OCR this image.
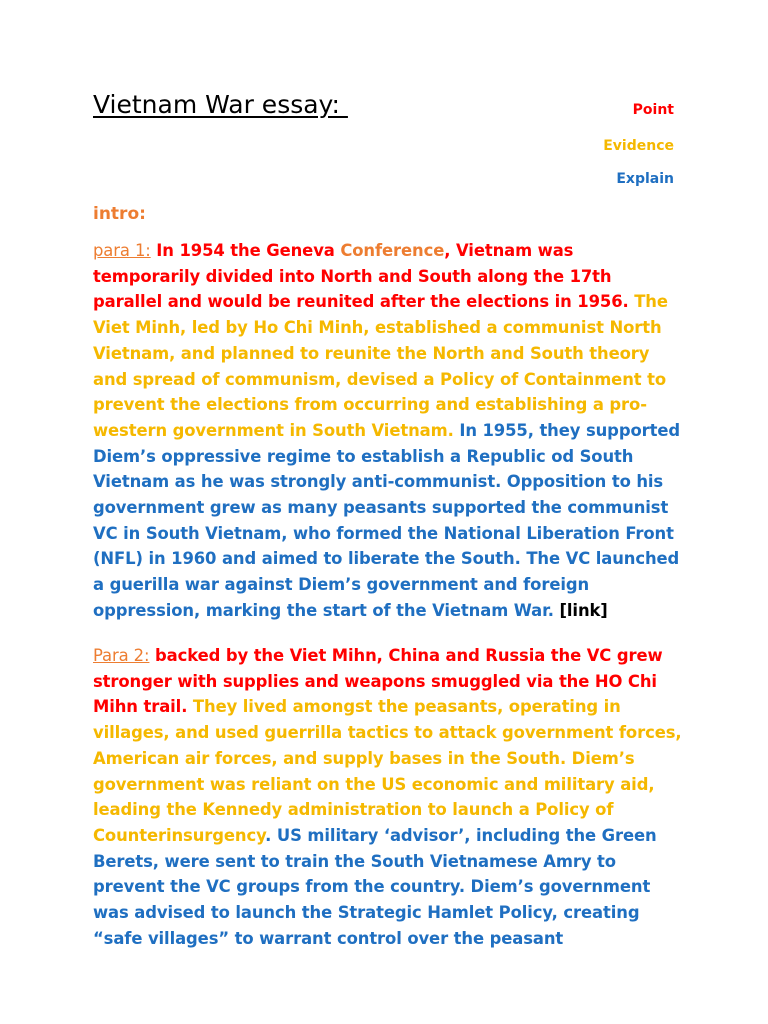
Vietnam War essay:	Point
Evidence
Explain
intro:
para 1: In 1954 the Geneva Conference, Vietnam was temporarily divided into North and South along the 17th parallel and would be reunited after the elections in 1956. The Viet Minh, led by Ho Chi Minh, established a communist North Vietnam, and planned to reunite the North and South theory and spread of communism, devised a Policy of Containment to prevent the elections from occurring and establishing a pro-western government in South Vietnam. In 1955, they supported Diem’s oppressive regime to establish a Republic od South Vietnam as he was strongly anti-communist. Opposition to his government grew as many peasants supported the communist VC in South Vietnam, who formed the National Liberation Front (NFL) in 1960 and aimed to liberate the South. The VC launched a guerilla war against Diem’s government and foreign oppression, marking the start of the Vietnam War. [link]
Para 2: backed by the Viet Mihn, China and Russia the VC grew stronger with supplies and weapons smuggled via the HO Chi Mihn trail. They lived amongst the peasants, operating in villages, and used guerrilla tactics to attack government forces, American air forces, and supply bases in the South. Diem’s government was reliant on the US economic and military aid, leading the Kennedy administration to launch a Policy of Counterinsurgency. US military ‘advisor’, including the Green Berets, were sent to train the South Vietnamese Amry to prevent the VC groups from the country. Diem’s government was advised to launch the Strategic Hamlet Policy, creating “safe villages” to warrant control over the peasant
